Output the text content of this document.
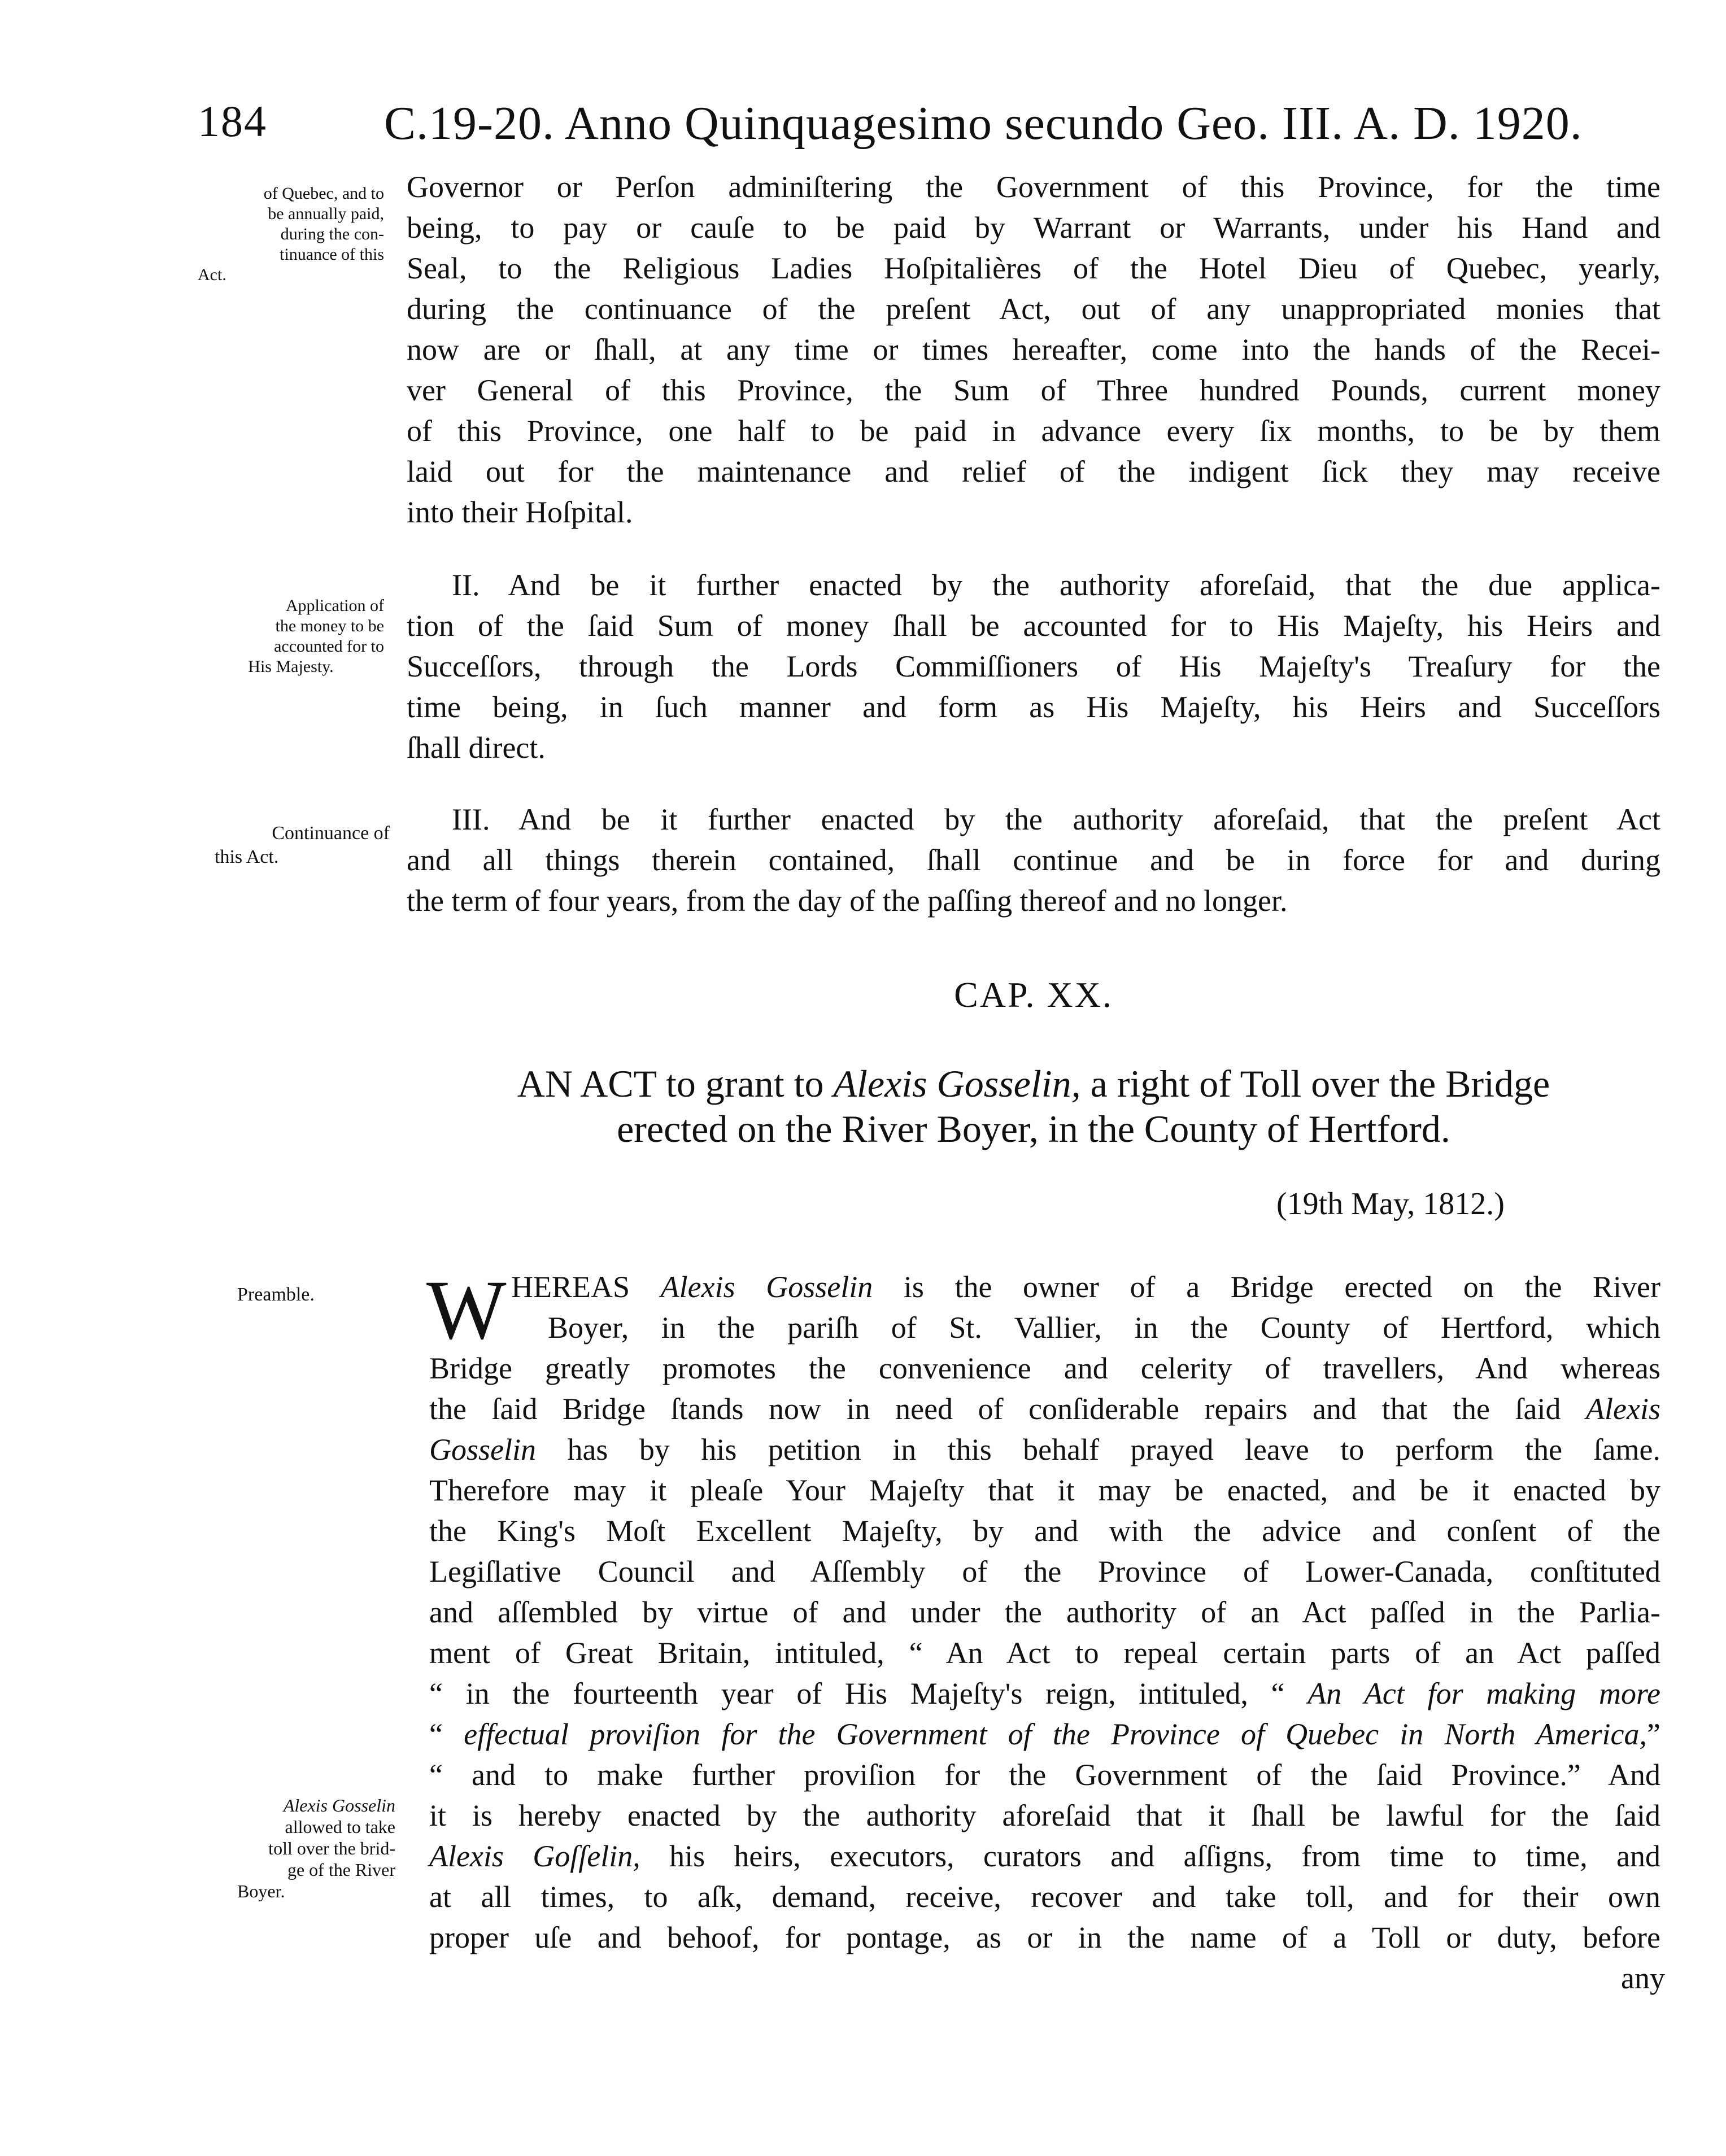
184 C.19-20. Anno Quinquagesimo secundo Geo. III. A. D. 1920.
of Quebec, and to
be annually paid,
during the con-
tinuance of this
Act.
Governor or Perſon adminiſtering the Government of this Province, for the time
being, to pay or cauſe to be paid by Warrant or Warrants, under his Hand and
Seal, to the Religious Ladies Hoſpitalières of the Hotel Dieu of Quebec, yearly,
during the continuance of the preſent Act, out of any unappropriated monies that
now are or ſhall, at any time or times hereafter, come into the hands of the Recei-
ver General of this Province, the Sum of Three hundred Pounds, current money
of this Province, one half to be paid in advance every ſix months, to be by them
laid out for the maintenance and relief of the indigent ſick they may receive
into their Hoſpital.
Application of
the money to be
accounted for to
His Majesty.
II. And be it further enacted by the authority aforeſaid, that the due applica-
tion of the ſaid Sum of money ſhall be accounted for to His Majeſty, his Heirs and
Succeſſors, through the Lords Commiſſioners of His Majeſty's Treaſury for the
time being, in ſuch manner and form as His Majeſty, his Heirs and Succeſſors
ſhall direct.
Continuance of
this Act.
III. And be it further enacted by the authority aforeſaid, that the preſent Act
and all things therein contained, ſhall continue and be in force for and during
the term of four years, from the day of the paſſing thereof and no longer.
CAP. XX.
AN ACT to grant to Alexis Gosselin, a right of Toll over the Bridge
erected on the River Boyer, in the County of Hertford.
(19th May, 1812.)
Preamble.	W HEREAS Alexis Gosselin is the owner of a Bridge erected on the River
Boyer, in the pariſh of St. Vallier, in the County of Hertford, which
Bridge greatly promotes the convenience and celerity of travellers, And whereas
the ſaid Bridge ſtands now in need of conſiderable repairs and that the ſaid Alexis
Gosselin has by his petition in this behalf prayed leave to perform the ſame.
Therefore may it pleaſe Your Majeſty that it may be enacted, and be it enacted by
the King's Moſt Excellent Majeſty, by and with the advice and conſent of the
Legiſlative Council and Aſſembly of the Province of Lower-Canada, conſtituted
and aſſembled by virtue of and under the authority of an Act paſſed in the Parlia-
ment of Great Britain, intituled, “ An Act to repeal certain parts of an Act paſſed
“ in the fourteenth year of His Majeſty's reign, intituled, “ An Act for making more
“ effectual proviſion for the Government of the Province of Quebec in North America,”
“ and to make further proviſion for the Government of the ſaid Province.” And
it is hereby enacted by the authority aforeſaid that it ſhall be lawful for the ſaid
Alexis Goſſelin, his heirs, executors, curators and aſſigns, from time to time, and
at all times, to aſk, demand, receive, recover and take toll, and for their own
proper uſe and behoof, for pontage, as or in the name of a Toll or duty, before
any
Alexis Gosselin
allowed to take
toll over the brid-
ge of the River
Boyer.
